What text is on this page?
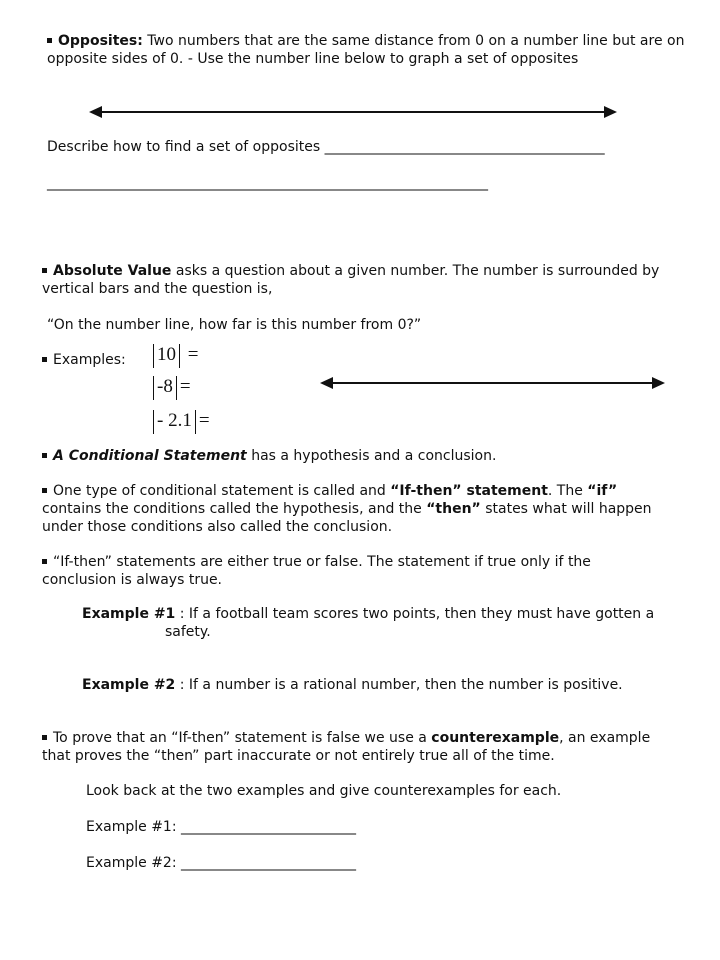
Opposites: Two numbers that are the same distance from 0 on a number line but are on
opposite sides of 0. - Use the number line below to graph a set of opposites
Describe how to find a set of opposites ________________________________________
_______________________________________________________________
Absolute Value asks a question about a given number. The number is surrounded by
vertical bars and the question is,
“On the number line, how far is this number from 0?”
Examples:	10 =
-8 =
- 2.1 =
A Conditional Statement has a hypothesis and a conclusion.
One type of conditional statement is called and “If-then” statement. The “if”
contains the conditions called the hypothesis, and the “then” states what will happen
under those conditions also called the conclusion.
“If-then” statements are either true or false. The statement if true only if the
conclusion is always true.
Example #1 : If a football team scores two points, then they must have gotten a
safety.
Example #2 : If a number is a rational number, then the number is positive.
To prove that an “If-then” statement is false we use a counterexample, an example
that proves the “then” part inaccurate or not entirely true all of the time.
Look back at the two examples and give counterexamples for each.
Example #1: _________________________
Example #2: _________________________
